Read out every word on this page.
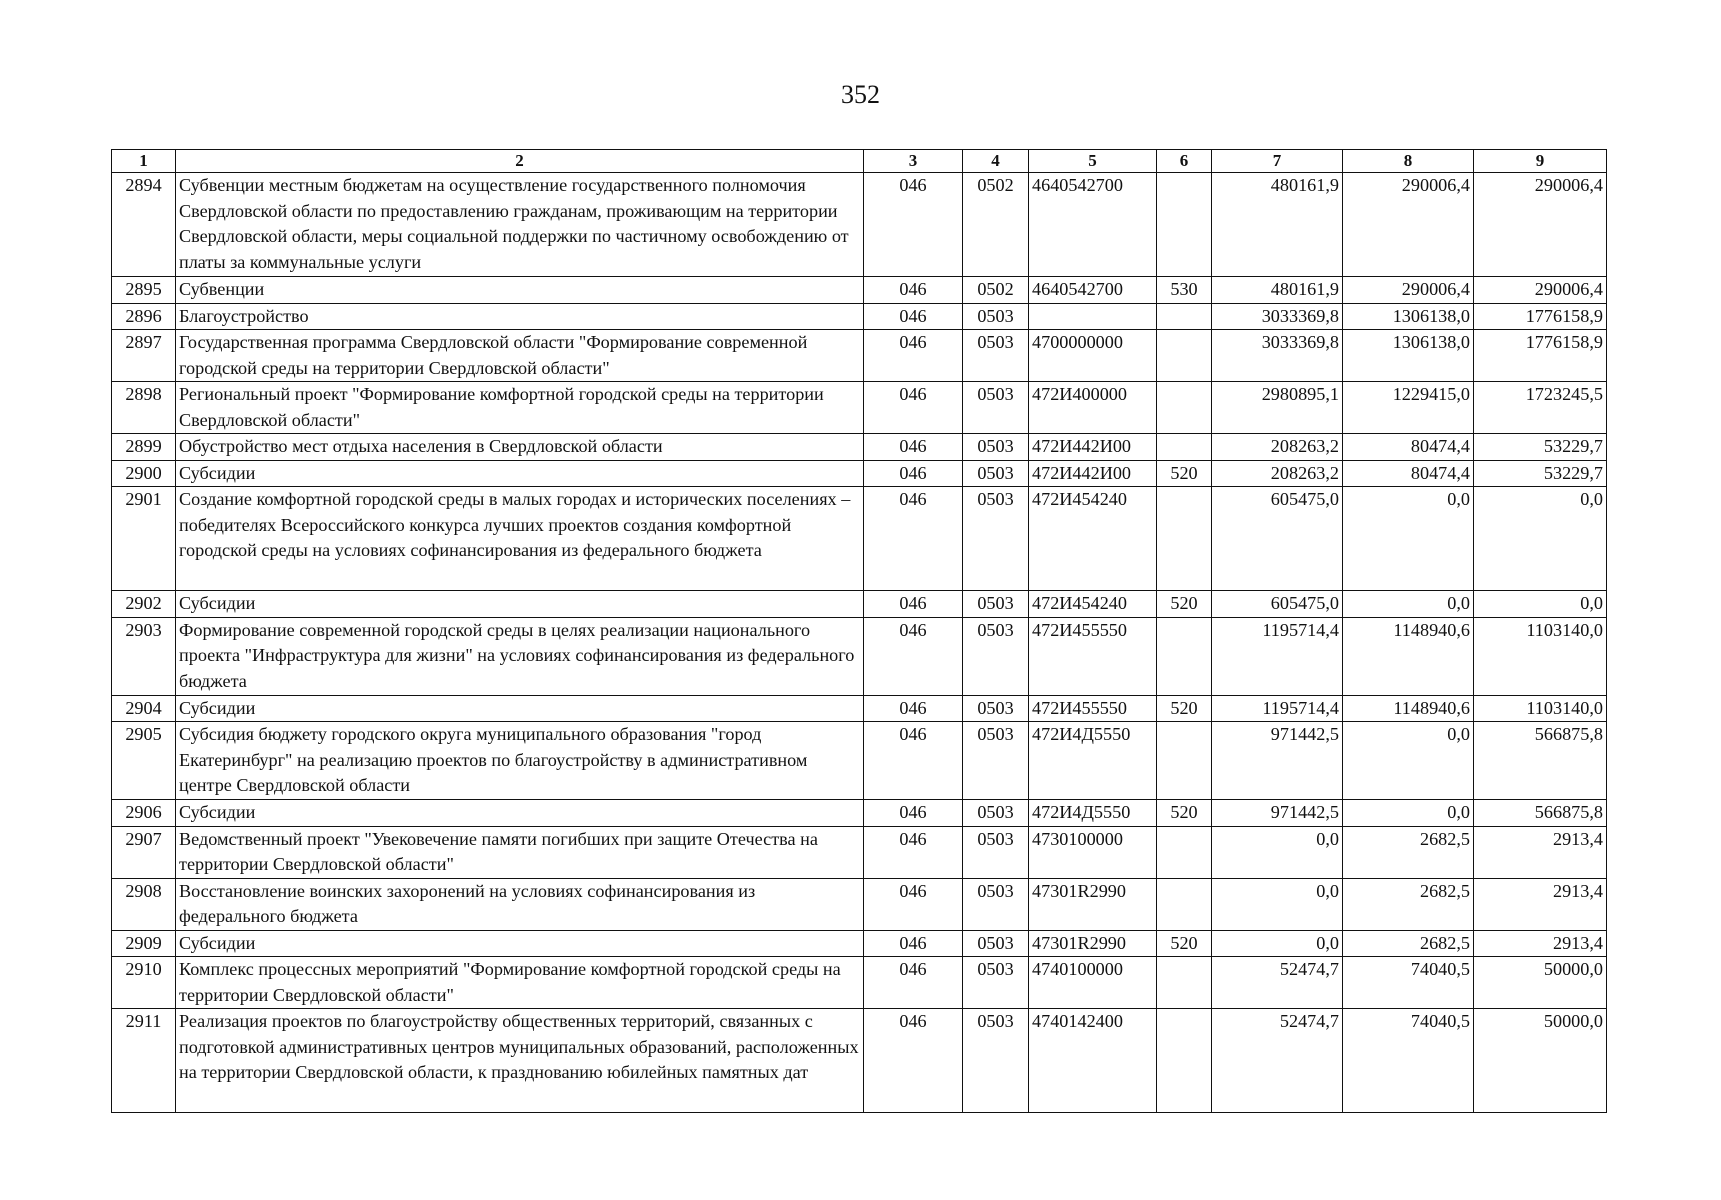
352
1	2	3	4	5	6	7	8	9
2894	Субвенции местным бюджетам на осуществление государственного полномочия Свердловской области по предоставлению гражданам, проживающим на территории Свердловской области, меры социальной поддержки по частичному освобождению от платы за коммунальные услуги	046	0502	4640542700		480161,9	290006,4	290006,4
2895	Субвенции	046	0502	4640542700	530	480161,9	290006,4	290006,4
2896	Благоустройство	046	0503			3033369,8	1306138,0	1776158,9
2897	Государственная программа Свердловской области "Формирование современной городской среды на территории Свердловской области"	046	0503	4700000000		3033369,8	1306138,0	1776158,9
2898	Региональный проект "Формирование комфортной городской среды на территории Свердловской области"	046	0503	472И400000		2980895,1	1229415,0	1723245,5
2899	Обустройство мест отдыха населения в Свердловской области	046	0503	472И442И00		208263,2	80474,4	53229,7
2900	Субсидии	046	0503	472И442И00	520	208263,2	80474,4	53229,7
2901	Создание комфортной городской среды в малых городах и исторических поселениях – победителях Всероссийского конкурса лучших проектов создания комфортной городской среды на условиях софинансирования из федерального бюджета	046	0503	472И454240		605475,0	0,0	0,0
2902	Субсидии	046	0503	472И454240	520	605475,0	0,0	0,0
2903	Формирование современной городской среды в целях реализации национального проекта "Инфраструктура для жизни" на условиях софинансирования из федерального бюджета	046	0503	472И455550		1195714,4	1148940,6	1103140,0
2904	Субсидии	046	0503	472И455550	520	1195714,4	1148940,6	1103140,0
2905	Субсидия бюджету городского округа муниципального образования "город Екатеринбург" на реализацию проектов по благоустройству в административном центре Свердловской области	046	0503	472И4Д5550		971442,5	0,0	566875,8
2906	Субсидии	046	0503	472И4Д5550	520	971442,5	0,0	566875,8
2907	Ведомственный проект "Увековечение памяти погибших при защите Отечества на территории Свердловской области"	046	0503	4730100000		0,0	2682,5	2913,4
2908	Восстановление воинских захоронений на условиях софинансирования из федерального бюджета	046	0503	47301R2990		0,0	2682,5	2913,4
2909	Субсидии	046	0503	47301R2990	520	0,0	2682,5	2913,4
2910	Комплекс процессных мероприятий "Формирование комфортной городской среды на территории Свердловской области"	046	0503	4740100000		52474,7	74040,5	50000,0
2911	Реализация проектов по благоустройству общественных территорий, связанных с подготовкой административных центров муниципальных образований, расположенных на территории Свердловской области, к празднованию юбилейных памятных дат	046	0503	4740142400		52474,7	74040,5	50000,0
